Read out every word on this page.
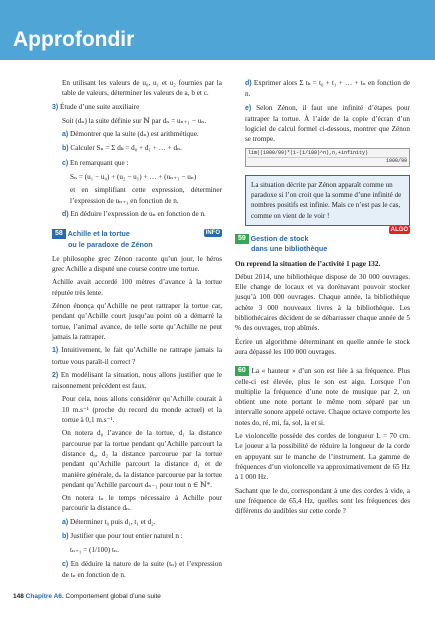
Approfondir

En utilisant les valeurs de u₀, u₁ et u₂ fournies par la table de valeurs, déterminer les valeurs de a, b et c.

3) Étude d’une suite auxiliaire

Soit (dₙ) la suite définie sur ℕ par dₙ = uₙ₊₁ − uₙ.

a) Démontrer que la suite (dₙ) est arithmétique.

b) Calculer Sₙ = Σ dₖ = d₀ + d₁ + … + dₙ.

c) En remarquant que :

Sₙ = (u₁ − u₀) + (u₂ − u₁) + … + (uₙ₊₁ − uₙ)

et en simplifiant cette expression, déterminer l’expression de uₙ₊₁ en fonction de n.

d) En déduire l’expression de uₙ en fonction de n.

58 Achille et la tortue
ou le paradoxe de Zénon
INFO

Le philosophe grec Zénon raconte qu’un jour, le héros grec Achille a disputé une course contre une tortue.

Achille avait accordé 100 mètres d’avance à la tortue réputée très lente.

Zénon énonça qu’Achille ne peut rattraper la tortue car, pendant qu’Achille court jusqu’au point où a démarré la tortue, l’animal avance, de telle sorte qu’Achille ne peut jamais la rattraper.

1) Intuitivement, le fait qu’Achille ne rattrape jamais la tortue vous paraît-il correct ?

2) En modélisant la situation, nous allons justifier que le raisonnement précédent est faux.

Pour cela, nous allons considérer qu’Achille courait à 10 m.s⁻¹ (proche du record du monde actuel) et la tortue à 0,1 m.s⁻¹.

On notera d₀ l’avance de la tortue, d₁ la distance parcourue par la tortue pendant qu’Achille parcourt la distance d₀, d₂ la distance parcourue par la tortue pendant qu’Achille parcourt la distance d₁ et de manière générale, dₙ la distance parcourue par la tortue pendant qu’Achille parcourt dₙ₋₁ pour tout n ∈ ℕ*.

On notera tₙ le temps nécessaire à Achille pour parcourir la distance dₙ.

a) Déterminer t₀ puis d₁, t₁ et d₂.

b) Justifier que pour tout entier naturel n :

tₙ₊₁ = (1/100) tₙ.

c) En déduire la nature de la suite (tₙ) et l’expression de tₙ en fonction de n.

d) Exprimer alors Σ tₖ = t₀ + t₁ + … + tₙ en fonction de n.

e) Selon Zénon, il faut une infinité d’étapes pour rattraper la tortue. À l’aide de la copie d’écran d’un logiciel de calcul formel ci-dessous, montrer que Zénon se trompe.

lim((1000/99)*(1-(1/100)^n),n,+infinity)
1000/99
La situation décrite par Zénon apparaît comme un paradoxe si l’on croit que la somme d’une infinité de nombres positifs est infinie. Mais ce n’est pas le cas, comme on vient de le voir !
59 Gestion de stock
dans une bibliothèque
ALGO

On reprend la situation de l’activité 1 page 132.

Début 2014, une bibliothèque dispose de 30 000 ouvrages. Elle change de locaux et va dorénavant pouvoir stocker jusqu’à 100 000 ouvrages. Chaque année, la bibliothèque achète 3 000 nouveaux livres à la bibliothèque. Les bibliothécaires décident de se débarrasser chaque année de 5 % des ouvrages, trop abîmés.

Écrire un algorithme déterminant en quelle année le stock aura dépassé les 100 000 ouvrages.

60 La « hauteur » d’un son est liée à sa fréquence. Plus celle-ci est élevée, plus le son est aigu. Lorsque l’on multiplie la fréquence d’une note de musique par 2, on obtient une note portant le même nom séparé par un intervalle sonore appelé octave. Chaque octave comporte les notes do, ré, mi, fa, sol, la et si.

Le violoncelle possède des cordes de longueur L = 70 cm. Le joueur a la possibilité de réduire la longueur de la corde en appuyant sur le manche de l’instrument. La gamme de fréquences d’un violoncelle va approximativement de 65 Hz à 1 000 Hz.

Sachant que le do, correspondant à une des cordes à vide, a une fréquence de 65,4 Hz, quelles sont les fréquences des différents do audibles sur cette corde ?

148 Chapitre A6. Comportement global d’une suite
